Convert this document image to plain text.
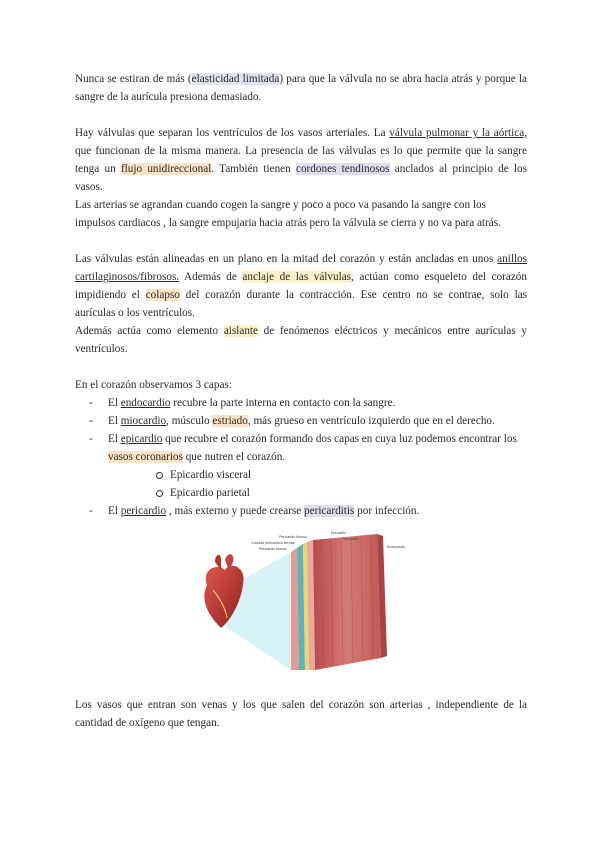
Nunca se estiran de más (elasticidad limitada) para que la válvula no se abra hacia atrás y porque la sangre de la aurícula presiona demasiado.

Hay válvulas que separan los ventrículos de los vasos arteriales. La válvula pulmonar y la aórtica, que funcionan de la misma manera. La presencia de las válvulas es lo que permite que la sangre tenga un flujo unidireccional. También tienen cordones tendinosos anclados al principio de los vasos.

Las arterias se agrandan cuando cogen la sangre y poco a poco va pasando la sangre con los impulsos cardiacos , la sangre empujaria hacia atrás pero la válvula se cierra y no va para atrás.

Las válvulas están alineadas en un plano en la mitad del corazón y están ancladas en unos anillos cartilaginosos/fibrosos. Además de anclaje de las válvulas, actúan como esqueleto del corazón impidiendo el colapso del corazón durante la contracción. Ese centro no se contrae, solo las aurículas o los ventrículos.

Además actúa como elemento aislante de fenómenos eléctricos y mecánicos entre aurículas y ventrículos.

En el corazón observamos 3 capas:

- El endocardio recubre la parte interna en contacto con la sangre.
- El miocardio, músculo estriado, más grueso en ventrículo izquierdo que en el derecho.
- El epicardio que recubre el corazón formando dos capas en cuya luz podemos encontrar los vasos coronarios que nutren el corazón.
Epicardio visceral
Epicardio parietal
- El pericardio , más externo y puede crearse pericarditis por infección.
Pericardio fibroso
Cavidad pericárdica serosa
Pericardio seroso
Epicardio
Miocardio
Endocardio

Los vasos que entran son venas y los que salen del corazón son arterias , independiente de la cantidad de oxígeno que tengan.
